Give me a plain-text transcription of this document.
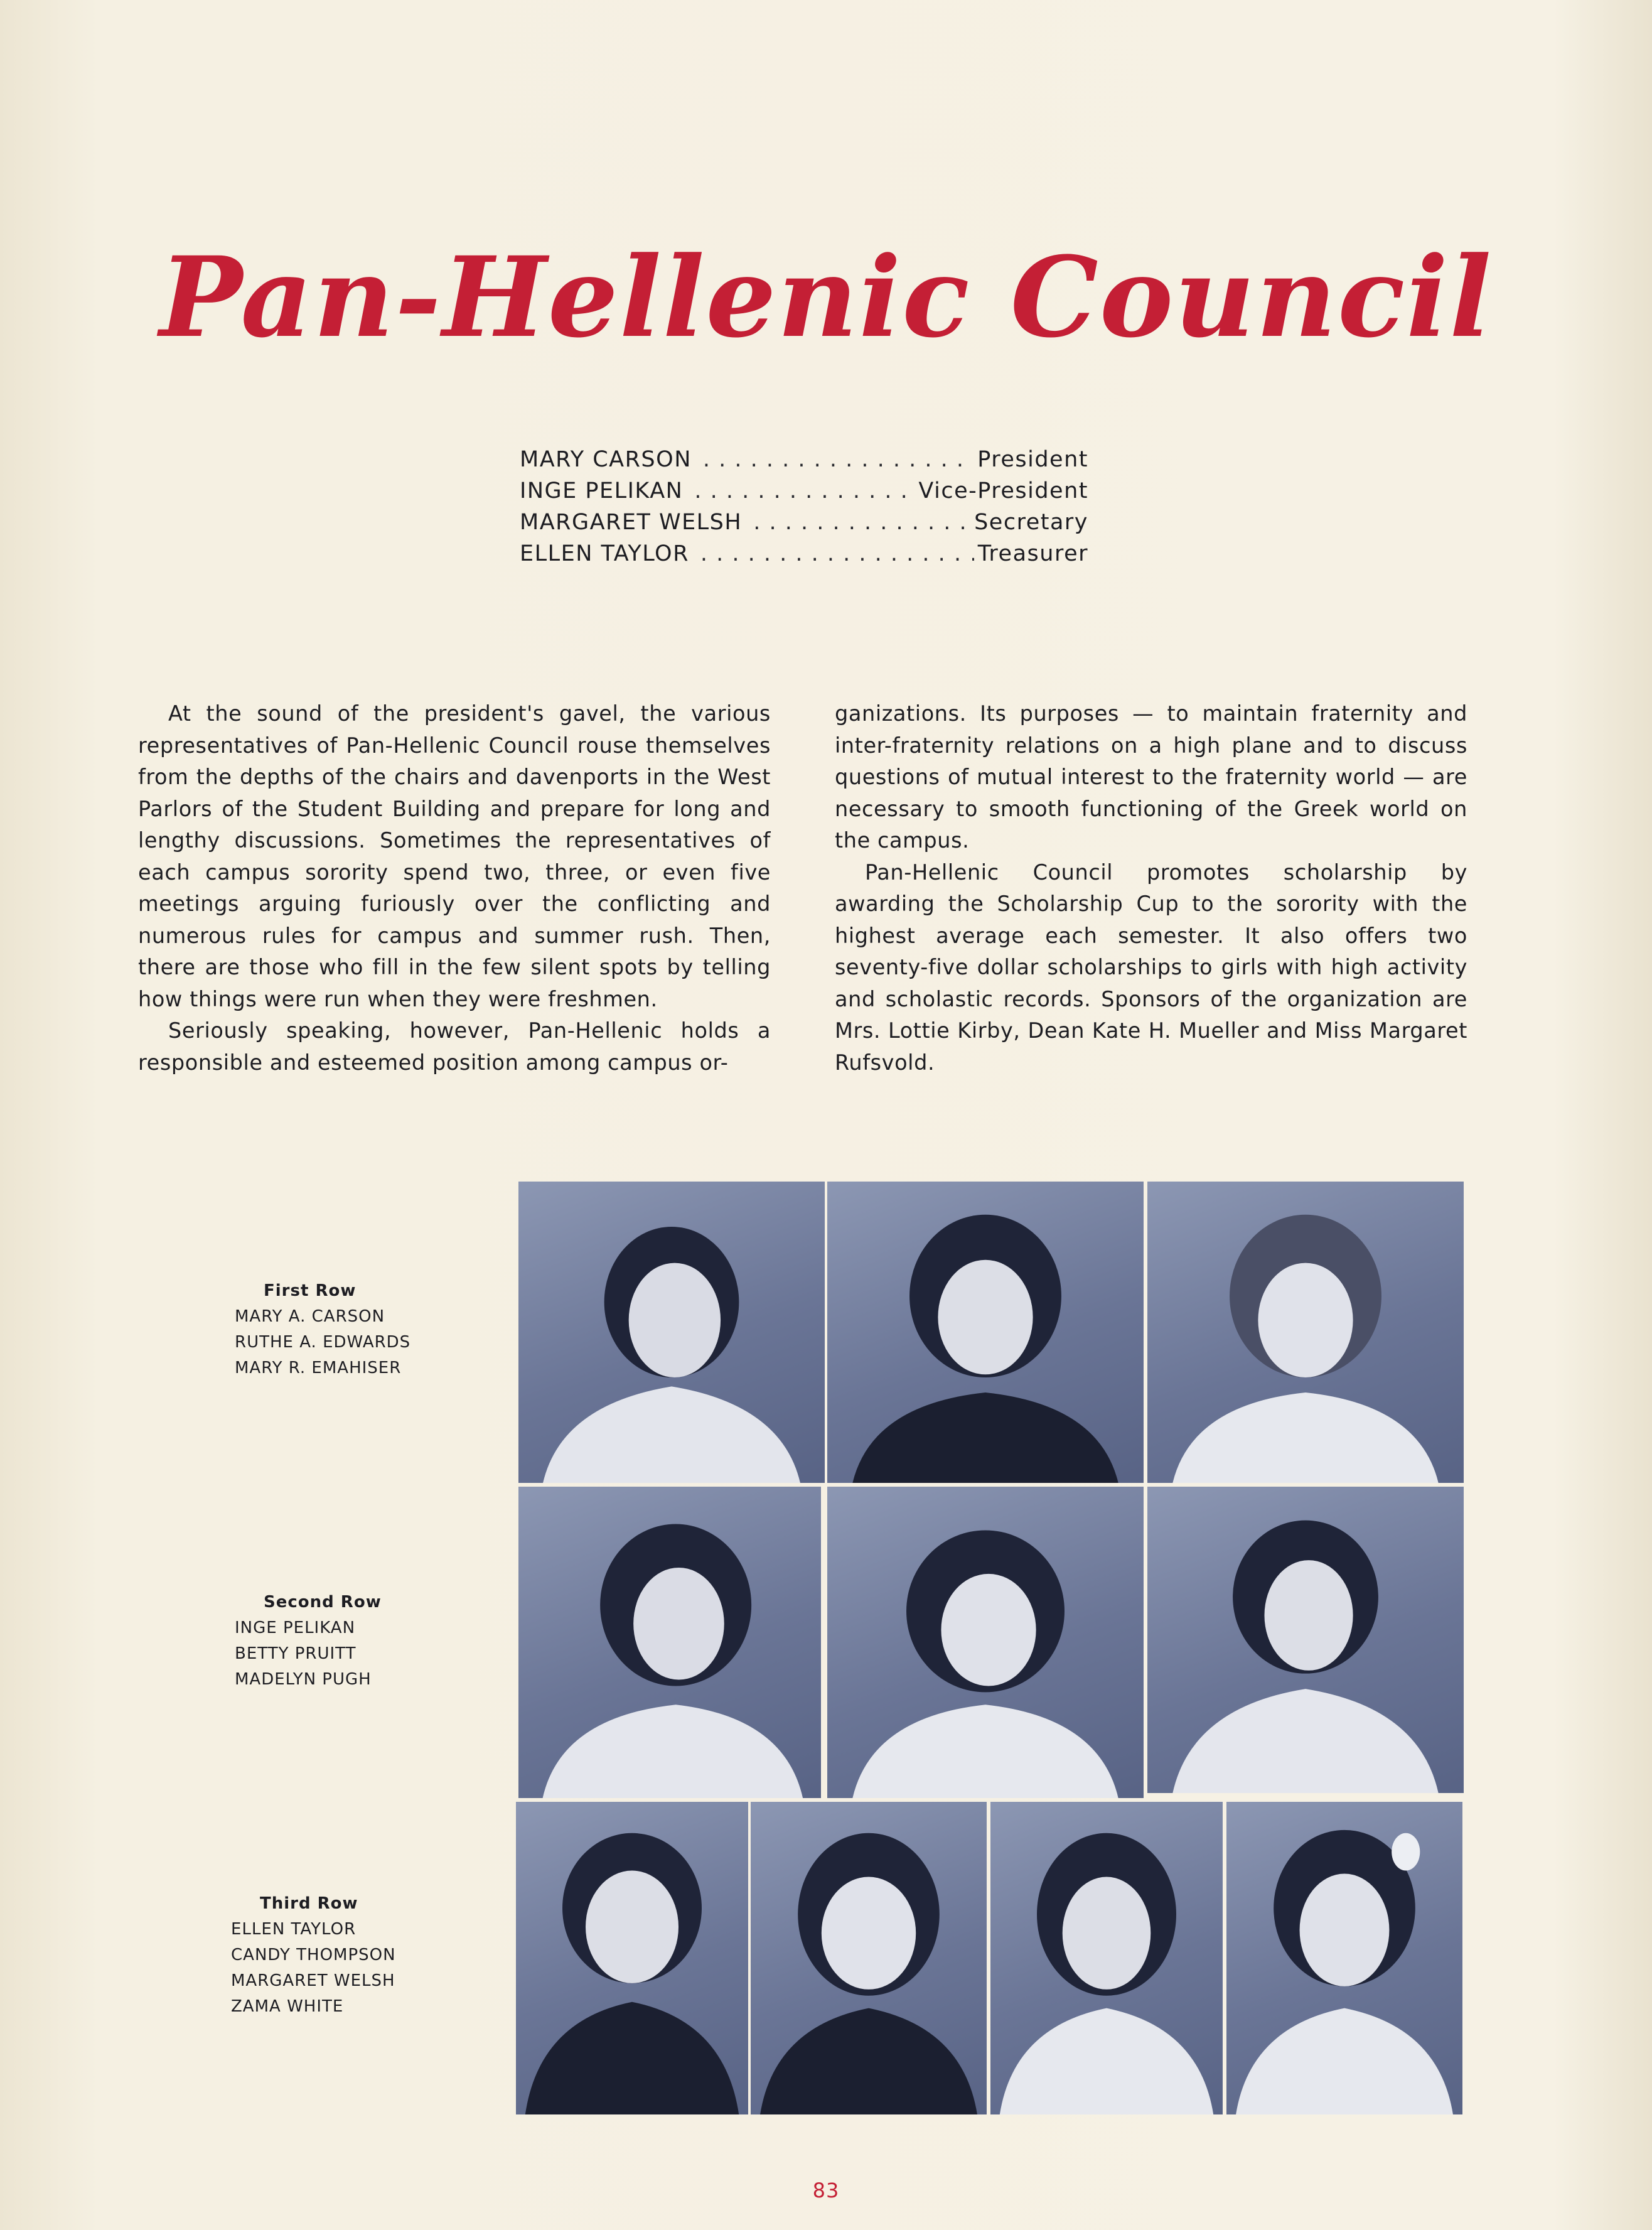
Pan-Hellenic Council
MARY CARSON . . .	President
INGE PELIKAN . . .	Vice-President
MARGARET WELSH . . .	Secretary
ELLEN TAYLOR . . .	Treasurer

At the sound of the president's gavel, the various representatives of Pan-Hellenic Council rouse themselves from the depths of the chairs and davenports in the West Parlors of the Student Building and prepare for long and lengthy discussions. Sometimes the representatives of each campus sorority spend two, three, or even five meetings arguing furiously over the conflicting and numerous rules for campus and summer rush. Then, there are those who fill in the few silent spots by telling how things were run when they were freshmen.

Seriously speaking, however, Pan-Hellenic holds a responsible and esteemed position among campus or-

ganizations. Its purposes — to maintain fraternity and inter-fraternity relations on a high plane and to discuss questions of mutual interest to the fraternity world — are necessary to smooth functioning of the Greek world on the campus.

Pan-Hellenic Council promotes scholarship by awarding the Scholarship Cup to the sorority with the highest average each semester. It also offers two seventy-five dollar scholarships to girls with high activity and scholastic records. Sponsors of the organization are Mrs. Lottie Kirby, Dean Kate H. Mueller and Miss Margaret Rufsvold.

First Row
MARY A. CARSON
RUTHE A. EDWARDS
MARY R. EMAHISER
Second Row
INGE PELIKAN
BETTY PRUITT
MADELYN PUGH
Third Row
ELLEN TAYLOR
CANDY THOMPSON
MARGARET WELSH
ZAMA WHITE
83
